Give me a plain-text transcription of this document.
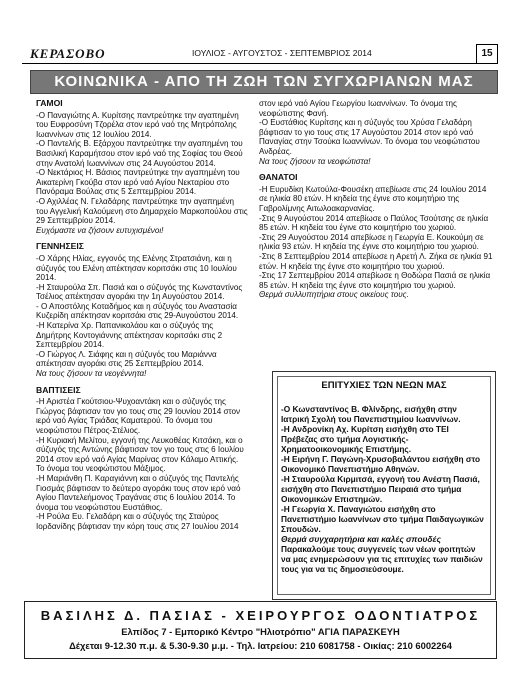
ΚΕΡΑΣΟΒΟ	ΙΟΥΛΙΟΣ - ΑΥΓΟΥΣΤΟΣ - ΣΕΠΤΕΜΒΡΙΟΣ 2014	15
ΚΟΙΝΩΝΙΚΑ - ΑΠΟ ΤΗ ΖΩΗ ΤΩΝ ΣΥΓΧΩΡΙΑΝΩΝ ΜΑΣ

ΓΑΜΟΙ

-Ο Παναγιώτης Α. Κυρίτσης παντρεύτηκε την αγαπημένη του Ευφροσύνη Τζορέλα στον ιερό ναό της Μητρόπολης Ιωαννίνων στις 12 Ιουλίου 2014.

-Ο Παντελής Β. Εξάρχου παντρεύτηκε την αγαπημένη του Βασιλική Καραμήτσου στον ιερό ναό της Σοφίας του Θεού στην Ανατολή Ιωαννίνων στις 24 Αυγούστου 2014.

-Ο Νεκτάριος Η. Βάσιος παντρεύτηκε την αγαπημένη του Αικατερίνη Γκούβα στον ιερό ναό Αγίου Νεκταρίου στο Πανόραμα Βούλας στις 5 Σεπτεμβρίου 2014.

-Ο Αχιλλέας Ν. Γελαδάρης παντρεύτηκε την αγαπημένη του Αγγελική Καλούμενη στο Δημαρχείο Μαρκοπούλου στις 29 Σεπτεμβρίου 2014.

Ευχόμαστε να ζήσουν ευτυχισμένοι!

ΓΕΝΝΗΣΕΙΣ

-Ο Χάρης Ηλίας, εγγονός της Ελένης Στρατσιάνη, και η σύζυγός του Ελένη απέκτησαν κοριτσάκι στις 10 Ιουλίου 2014.

-Η Σταυρούλα Σπ. Πασιά και ο σύζυγός της Κωνσταντίνος Τσέλιος απέκτησαν αγοράκι την 1η Αυγούστου 2014.

- Ο Αποστόλης Κοταδήμος και η σύζυγός του Αναστασία Κυζερίδη απέκτησαν κοριτσάκι στις 29-Αυγούστου 2014.

-Η Κατερίνα Χρ. Παπανικολάου και ο σύζυγός της Δημήτρης Κοντογιάννης απέκτησαν κοριτσάκι στις 2 Σεπτεμβρίου 2014.

-Ο Γιώργος Λ. Σιάφης και η σύζυγός του Μαριάννα απέκτησαν αγοράκι στις 25 Σεπτεμβρίου 2014.

Να τους ζήσουν τα νεογέννητα!

ΒΑΠΤΙΣΕΙΣ

-Η Αριστέα Γκούτσιου-Ψυχοαντάκη και ο σύζυγός της Γιώργος βάφτισαν τον γιο τους στις 29 Ιουνίου 2014 στον ιερό ναό Αγίας Τριάδας Καματερού. Το όνομα του νεοφώτιστου Πέτρος-Στέλιος.

-Η Κυριακή Μελίτου, εγγονή της Λευκοθέας Κιτσάκη, και ο σύζυγός της Αντώνης βάφτισαν τον γιο τους στις 6 Ιουλίου 2014 στον ιερό ναό Αγίας Μαρίνας στον Κάλαμο Αττικής. Το όνομα του νεοφώτιστου Μάξιμος.

-Η Μαριάνθη Π. Καραγιάννη και ο σύζυγός της Παντελής Γιοσμάς βάφτισαν το δεύτερο αγοράκι τους στον ιερό ναό Αγίου Παντελεήμονος Τραγάνας στις 6 Ιουλίου 2014. Το όνομα του νεοφώτιστου Ευστάθιος.

-Η Ρούλα Ευ. Γελαδάρη και ο σύζυγός της Σταύρος Ιορδανίδης βάφτισαν την κόρη τους στις 27 Ιουλίου 2014

στον ιερό ναό Αγίου Γεωργίου Ιωαννίνων. Το όνομα της νεοφώτιστης Φανή.

-Ο Ευστάθιος Κυρίτσης και η σύζυγός του Χρύσα Γελαδάρη βάφτισαν το γιο τους στις 17 Αυγούστου 2014 στον ιερό ναό Παναγίας στην Τσούκα Ιωαννίνων. Το όνομα του νεοφώτιστου Ανδρέας.

Να τους ζήσουν τα νεοφώτιστα!

ΘΑΝΑΤΟΙ

-Η Ευρυδίκη Κωτούλα-Φουσέκη απεβίωσε στις 24 Ιουλίου 2014 σε ηλικία 80 ετών. Η κηδεία της έγινε στο κοιμητήριο της Γαβρολίμνης Αιτωλοακαρνανίας.

-Στις 9 Αυγούστου 2014 απεβίωσε ο Παύλος Τσούτσης σε ηλικία 85 ετών. Η κηδεία του έγινε στο κοιμητήριο του χωριού.

-Στις 29 Αυγούστου 2014 απεβίωσε η Γεωργία Ε. Κουκούμη σε ηλικία 93 ετών. Η κηδεία της έγινε στο κοιμητήριο του χωριού.

-Στις 8 Σεπτεμβρίου 2014 απεβίωσε η Αρετή Λ. Ζήκα σε ηλικία 91 ετών. Η κηδεία της έγινε στο κοιμητήριο του χωριού.

-Στις 17 Σεπτεμβρίου 2014 απεβίωσε η Θοδώρα Πασιά σε ηλικία 85 ετών. Η κηδεία της έγινε στο κοιμητήριο του χωριού.

Θερμά συλλυπητήρια στους οικείους τους.

ΕΠΙΤΥΧΙΕΣ ΤΩΝ ΝΕΩΝ ΜΑΣ

-Ο Κωνσταντίνος Β. Φλίνδρης, εισήχθη στην Ιατρική Σχολή του Πανεπιστημίου Ιωαννίνων.

-Η Ανδρονίκη Αχ. Κυρίτση εισήχθη στο ΤΕΙ Πρέβεζας στο τμήμα Λογιστικής-Χρηματοοικονομικής Επιστήμης.

-Η Ειρήνη Γ. Παγώνη-Χρυσοβαλάντου εισήχθη στο Οικονομικό Πανεπιστήμιο Αθηνών.

-Η Σταυρούλα Κιρμιτσά, εγγονή του Ανέστη Πασιά, εισήχθη στο Πανεπιστήμιο Πειραιά στο τμήμα Οικονομικών Επιστημών.

-Η Γεωργία Χ. Παναγιώτου εισήχθη στο Πανεπιστήμιο Ιωαννίνων στο τμήμα Παιδαγωγικών Σπουδών.

Θερμά συγχαρητήρια και καλές σπουδές

Παρακαλούμε τους συγγενείς των νέων φοιτητών να μας ενημερώσουν για τις επιτυχίες των παιδιών τους για να τις δημοσιεύσουμε.

ΒΑΣΙΛΗΣ Δ. ΠΑΣΙΑΣ - ΧΕΙΡΟΥΡΓΟΣ ΟΔΟΝΤΙΑΤΡΟΣ
Ελπίδος 7 - Εμπορικό Κέντρο "Ηλιοτρόπιο" ΑΓΙΑ ΠΑΡΑΣΚΕΥΗ
Δέχεται 9-12.30 π.μ. & 5.30-9.30 μ.μ. - Τηλ. Ιατρείου: 210 6081758 - Οικίας: 210 6002264
